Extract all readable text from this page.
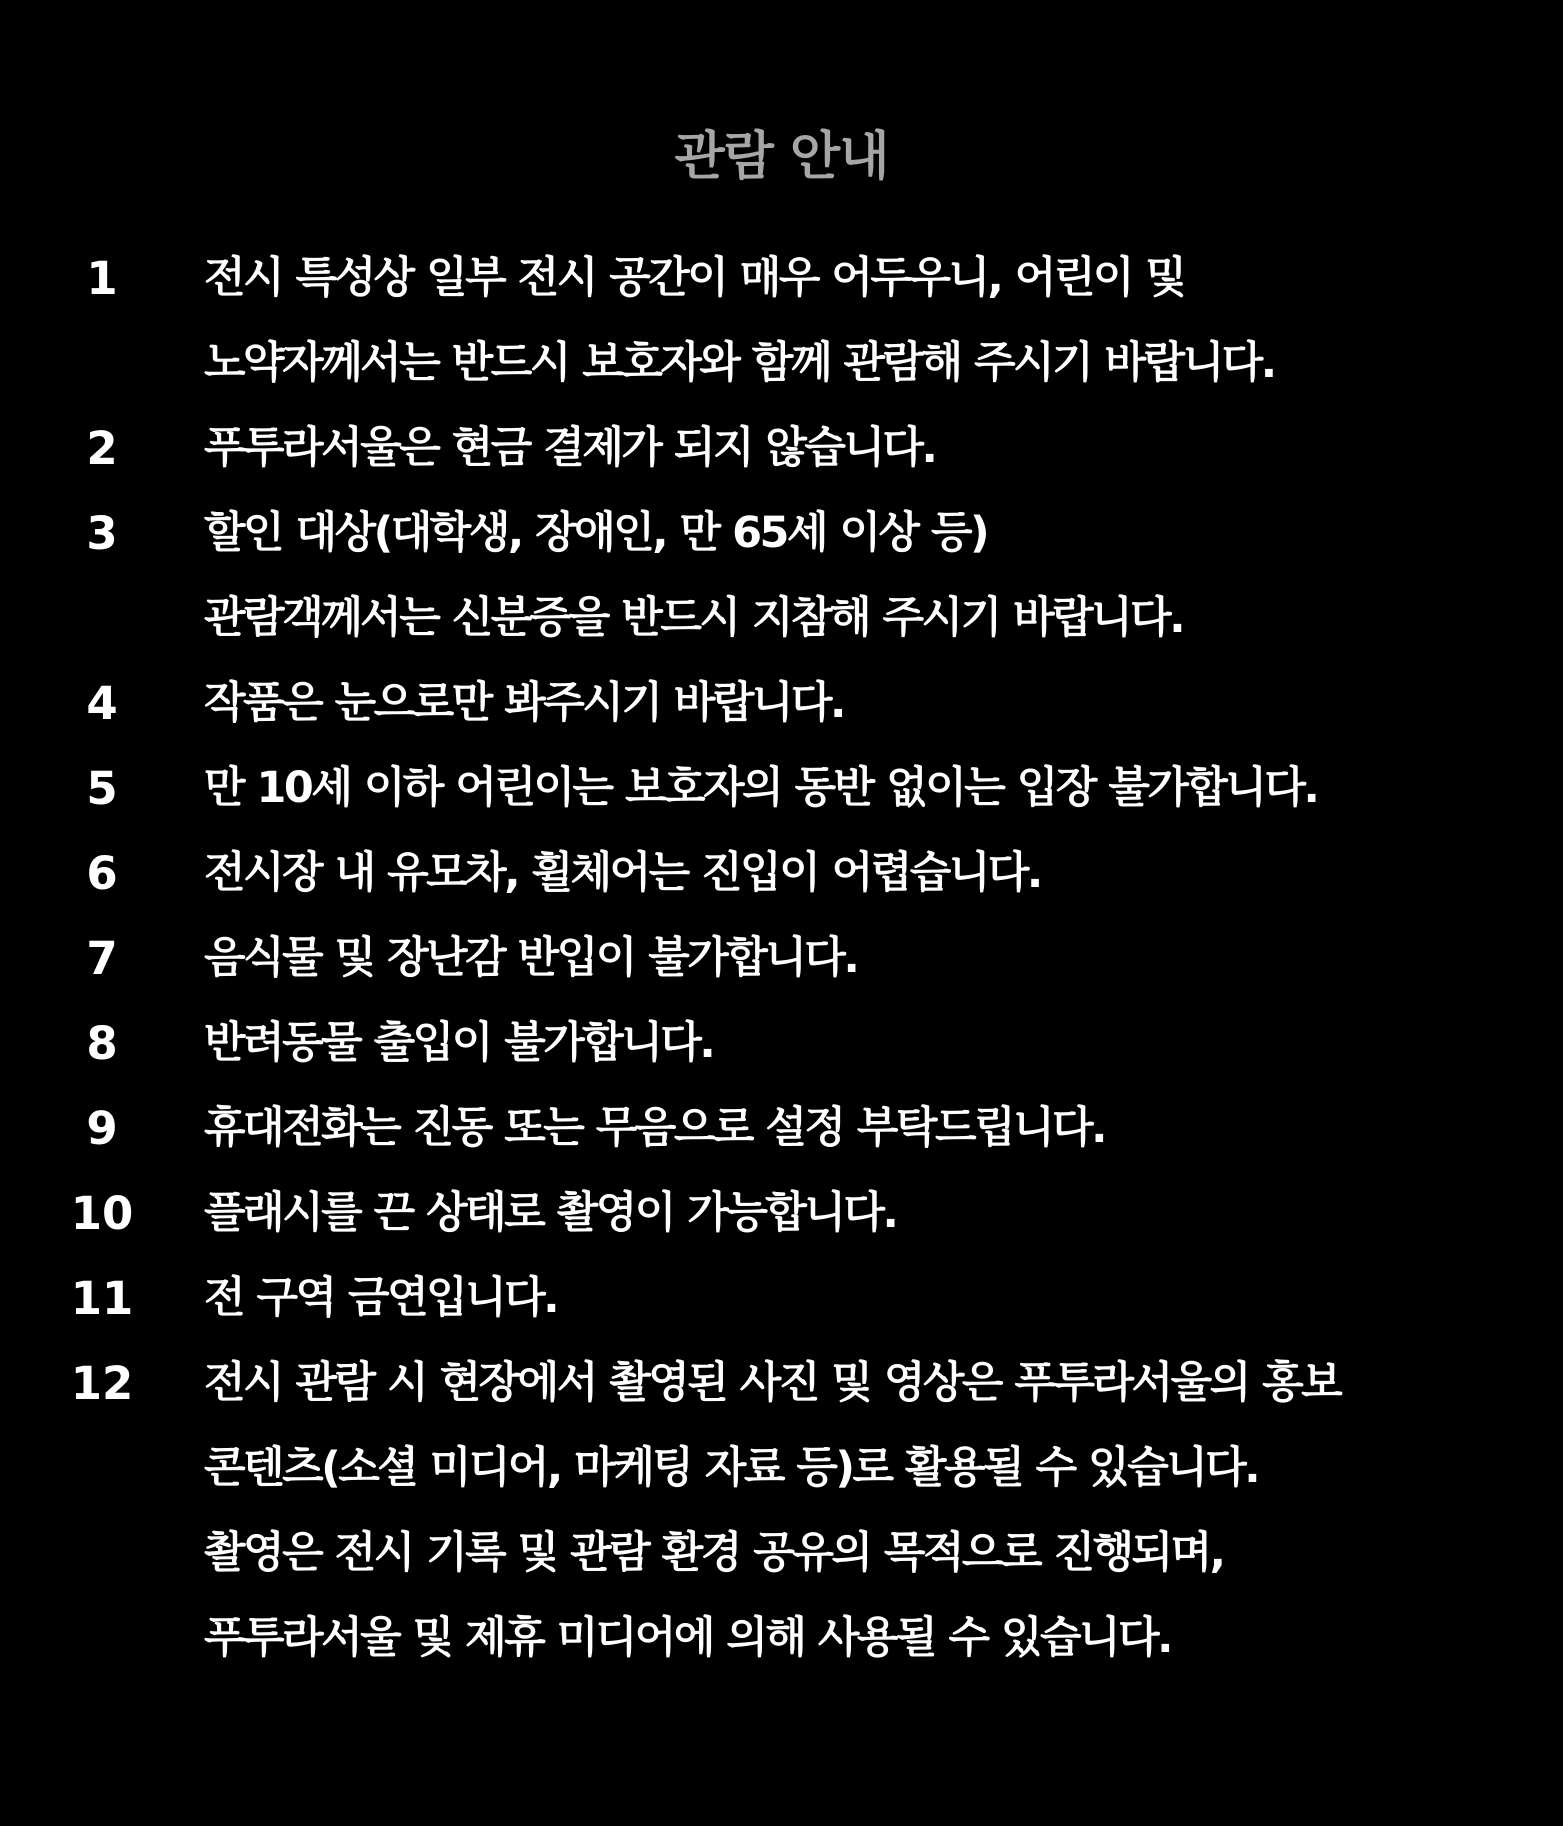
관람 안내
1	전시 특성상 일부 전시 공간이 매우 어두우니, 어린이 및
노약자께서는 반드시 보호자와 함께 관람해 주시기 바랍니다.
2	푸투라서울은 현금 결제가 되지 않습니다.
3	할인 대상(대학생, 장애인, 만 65세 이상 등)
관람객께서는 신분증을 반드시 지참해 주시기 바랍니다.
4	작품은 눈으로만 봐주시기 바랍니다.
5	만 10세 이하 어린이는 보호자의 동반 없이는 입장 불가합니다.
6	전시장 내 유모차, 휠체어는 진입이 어렵습니다.
7	음식물 및 장난감 반입이 불가합니다.
8	반려동물 출입이 불가합니다.
9	휴대전화는 진동 또는 무음으로 설정 부탁드립니다.
10 플래시를 끈 상태로 촬영이 가능합니다.
11 전 구역 금연입니다.
12 전시 관람 시 현장에서 촬영된 사진 및 영상은 푸투라서울의 홍보
콘텐츠(소셜 미디어, 마케팅 자료 등)로 활용될 수 있습니다.
촬영은 전시 기록 및 관람 환경 공유의 목적으로 진행되며,
푸투라서울 및 제휴 미디어에 의해 사용될 수 있습니다.
